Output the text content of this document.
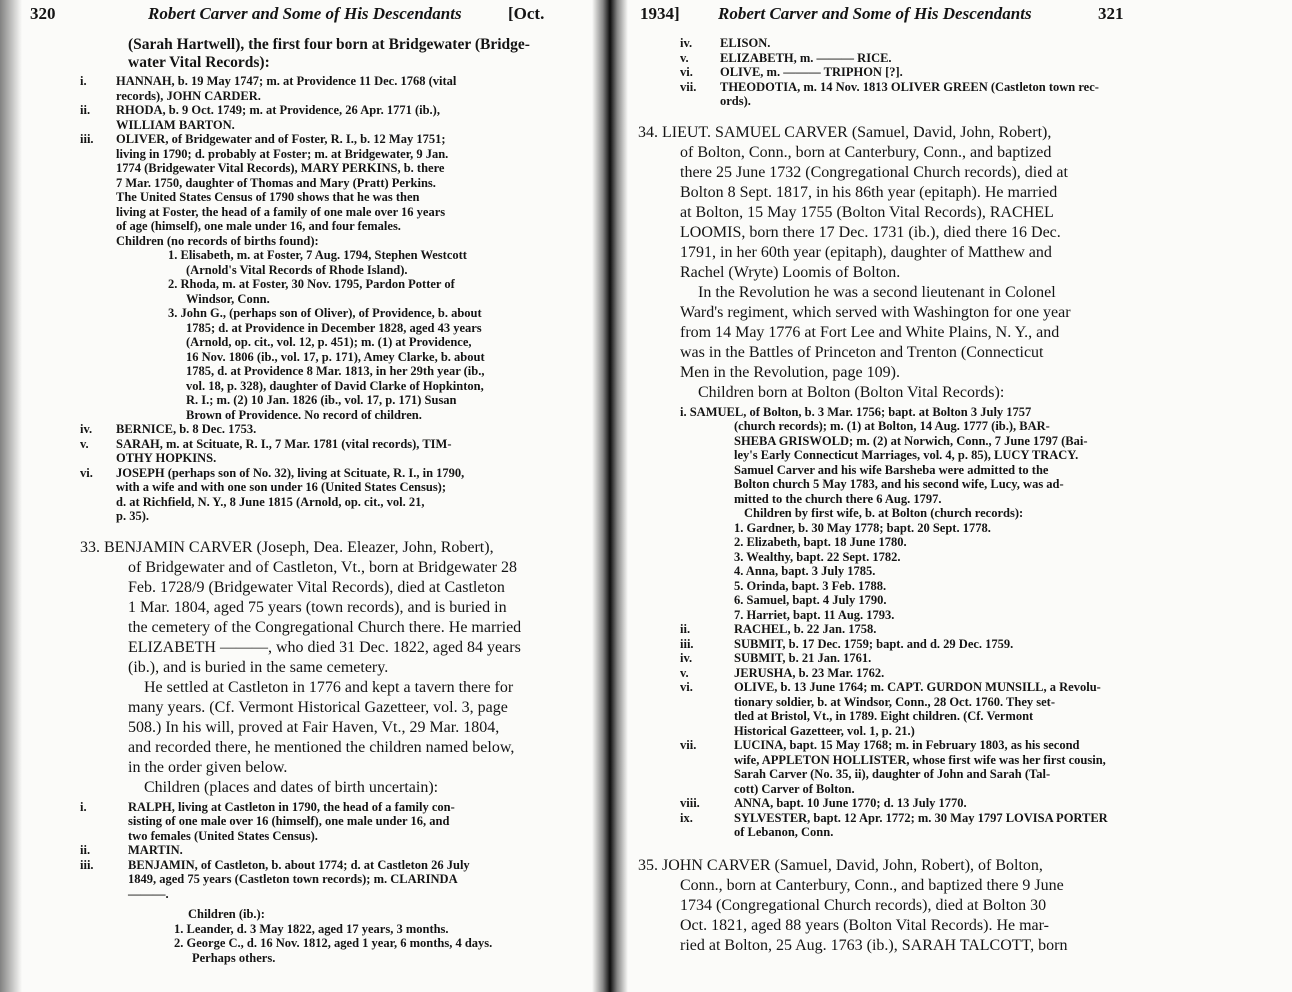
320	Robert Carver and Some of His Descendants	[Oct.
(Sarah Hartwell), the first four born at Bridgewater (Bridge-
water Vital Records):
i. HANNAH, b. 19 May 1747; m. at Providence 11 Dec. 1768 (vital
records), JOHN CARDER.
ii. RHODA, b. 9 Oct. 1749; m. at Providence, 26 Apr. 1771 (ib.),
WILLIAM BARTON.
iii. OLIVER, of Bridgewater and of Foster, R. I., b. 12 May 1751;
living in 1790; d. probably at Foster; m. at Bridgewater, 9 Jan.
1774 (Bridgewater Vital Records), MARY PERKINS, b. there
7 Mar. 1750, daughter of Thomas and Mary (Pratt) Perkins.
The United States Census of 1790 shows that he was then
living at Foster, the head of a family of one male over 16 years
of age (himself), one male under 16, and four females.
Children (no records of births found):
1. Elisabeth, m. at Foster, 7 Aug. 1794, Stephen Westcott
(Arnold's Vital Records of Rhode Island).
2. Rhoda, m. at Foster, 30 Nov. 1795, Pardon Potter of
Windsor, Conn.
3. John G., (perhaps son of Oliver), of Providence, b. about
1785; d. at Providence in December 1828, aged 43 years
(Arnold, op. cit., vol. 12, p. 451); m. (1) at Providence,
16 Nov. 1806 (ib., vol. 17, p. 171), Amey Clarke, b. about
1785, d. at Providence 8 Mar. 1813, in her 29th year (ib.,
vol. 18, p. 328), daughter of David Clarke of Hopkinton,
R. I.; m. (2) 10 Jan. 1826 (ib., vol. 17, p. 171) Susan
Brown of Providence. No record of children.
iv. BERNICE, b. 8 Dec. 1753.
v. SARAH, m. at Scituate, R. I., 7 Mar. 1781 (vital records), TIM-
OTHY HOPKINS.
vi. JOSEPH (perhaps son of No. 32), living at Scituate, R. I., in 1790,
with a wife and with one son under 16 (United States Census);
d. at Richfield, N. Y., 8 June 1815 (Arnold, op. cit., vol. 21,
p. 35).
33. BENJAMIN CARVER (Joseph, Dea. Eleazer, John, Robert),
of Bridgewater and of Castleton, Vt., born at Bridgewater 28
Feb. 1728/9 (Bridgewater Vital Records), died at Castleton
1 Mar. 1804, aged 75 years (town records), and is buried in
the cemetery of the Congregational Church there. He married
ELIZABETH ———, who died 31 Dec. 1822, aged 84 years
(ib.), and is buried in the same cemetery.
He settled at Castleton in 1776 and kept a tavern there for
many years. (Cf. Vermont Historical Gazetteer, vol. 3, page
508.) In his will, proved at Fair Haven, Vt., 29 Mar. 1804,
and recorded there, he mentioned the children named below,
in the order given below.
Children (places and dates of birth uncertain):
i.	RALPH, living at Castleton in 1790, the head of a family con-
sisting of one male over 16 (himself), one male under 16, and
two females (United States Census).
ii.	MARTIN.
iii.	BENJAMIN, of Castleton, b. about 1774; d. at Castleton 26 July
1849, aged 75 years (Castleton town records); m. CLARINDA
———.
Children (ib.):
1. Leander, d. 3 May 1822, aged 17 years, 3 months.
2. George C., d. 16 Nov. 1812, aged 1 year, 6 months, 4 days.
Perhaps others.
1934] Robert Carver and Some of His Descendants	321
iv. ELISON.
v.	ELIZABETH, m. ——— RICE.
vi. OLIVE, m. ——— TRIPHON [?].
vii. THEODOTIA, m. 14 Nov. 1813 OLIVER GREEN (Castleton town rec-
ords).
34. LIEUT. SAMUEL CARVER (Samuel, David, John, Robert),
of Bolton, Conn., born at Canterbury, Conn., and baptized
there 25 June 1732 (Congregational Church records), died at
Bolton 8 Sept. 1817, in his 86th year (epitaph). He married
at Bolton, 15 May 1755 (Bolton Vital Records), RACHEL
LOOMIS, born there 17 Dec. 1731 (ib.), died there 16 Dec.
1791, in her 60th year (epitaph), daughter of Matthew and
Rachel (Wryte) Loomis of Bolton.
In the Revolution he was a second lieutenant in Colonel
Ward's regiment, which served with Washington for one year
from 14 May 1776 at Fort Lee and White Plains, N. Y., and
was in the Battles of Princeton and Trenton (Connecticut
Men in the Revolution, page 109).
Children born at Bolton (Bolton Vital Records):
i. SAMUEL, of Bolton, b. 3 Mar. 1756; bapt. at Bolton 3 July 1757
(church records); m. (1) at Bolton, 14 Aug. 1777 (ib.), BAR-
SHEBA GRISWOLD; m. (2) at Norwich, Conn., 7 June 1797 (Bai-
ley's Early Connecticut Marriages, vol. 4, p. 85), LUCY TRACY.
Samuel Carver and his wife Barsheba were admitted to the
Bolton church 5 May 1783, and his second wife, Lucy, was ad-
mitted to the church there 6 Aug. 1797.
Children by first wife, b. at Bolton (church records):
1. Gardner, b. 30 May 1778; bapt. 20 Sept. 1778.
2. Elizabeth, bapt. 18 June 1780.
3. Wealthy, bapt. 22 Sept. 1782.
4. Anna, bapt. 3 July 1785.
5. Orinda, bapt. 3 Feb. 1788.
6. Samuel, bapt. 4 July 1790.
7. Harriet, bapt. 11 Aug. 1793.
ii.	RACHEL, b. 22 Jan. 1758.
iii.	SUBMIT, b. 17 Dec. 1759; bapt. and d. 29 Dec. 1759.
iv.	SUBMIT, b. 21 Jan. 1761.
v.	JERUSHA, b. 23 Mar. 1762.
vi.	OLIVE, b. 13 June 1764; m. CAPT. GURDON MUNSILL, a Revolu-
tionary soldier, b. at Windsor, Conn., 28 Oct. 1760. They set-
tled at Bristol, Vt., in 1789. Eight children. (Cf. Vermont
Historical Gazetteer, vol. 1, p. 21.)
vii.	LUCINA, bapt. 15 May 1768; m. in February 1803, as his second
wife, APPLETON HOLLISTER, whose first wife was her first cousin,
Sarah Carver (No. 35, ii), daughter of John and Sarah (Tal-
cott) Carver of Bolton.
viii.	ANNA, bapt. 10 June 1770; d. 13 July 1770.
ix.	SYLVESTER, bapt. 12 Apr. 1772; m. 30 May 1797 LOVISA PORTER
of Lebanon, Conn.
35. JOHN CARVER (Samuel, David, John, Robert), of Bolton,
Conn., born at Canterbury, Conn., and baptized there 9 June
1734 (Congregational Church records), died at Bolton 30
Oct. 1821, aged 88 years (Bolton Vital Records). He mar-
ried at Bolton, 25 Aug. 1763 (ib.), SARAH TALCOTT, born
